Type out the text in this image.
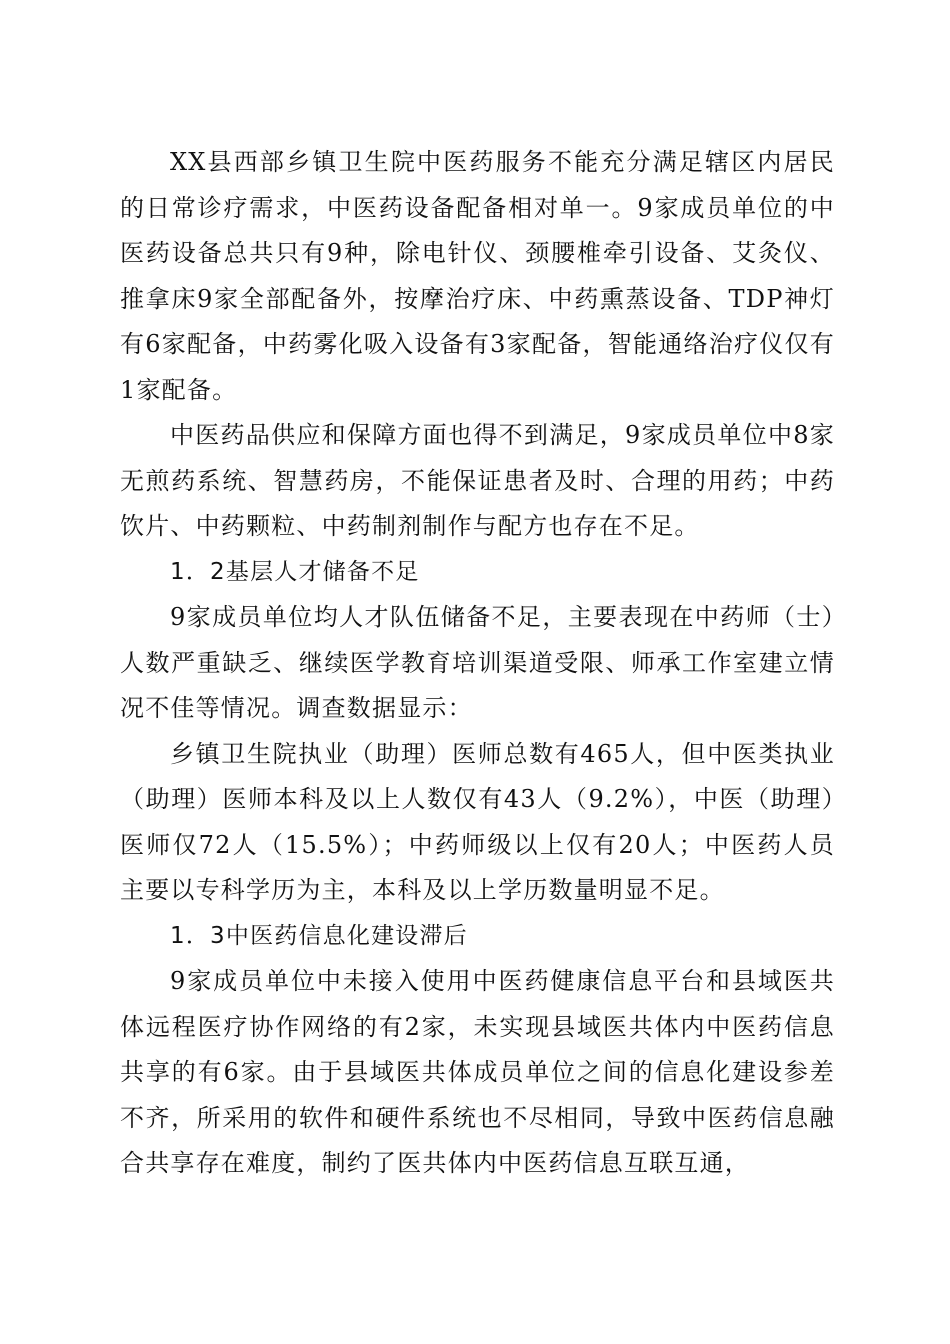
XX县西部乡镇卫生院中医药服务不能充分满足辖区内居民的日常诊疗需求，中医药设备配备相对单一。9家成员单位的中医药设备总共只有9种，除电针仪、颈腰椎牵引设备、艾灸仪、推拿床9家全部配备外，按摩治疗床、中药熏蒸设备、TDP神灯有6家配备，中药雾化吸入设备有3家配备，智能通络治疗仪仅有1家配备。

中医药品供应和保障方面也得不到满足，9家成员单位中8家无煎药系统、智慧药房，不能保证患者及时、合理的用药；中药饮片、中药颗粒、中药制剂制作与配方也存在不足。

1．2基层人才储备不足

9家成员单位均人才队伍储备不足，主要表现在中药师（士）人数严重缺乏、继续医学教育培训渠道受限、师承工作室建立情况不佳等情况。调查数据显示：

乡镇卫生院执业（助理）医师总数有465人，但中医类执业（助理）医师本科及以上人数仅有43人（9.2%），中医（助理）医师仅72人（15.5%）；中药师级以上仅有20人；中医药人员主要以专科学历为主，本科及以上学历数量明显不足。

1．3中医药信息化建设滞后

9家成员单位中未接入使用中医药健康信息平台和县域医共体远程医疗协作网络的有2家，未实现县域医共体内中医药信息共享的有6家。由于县域医共体成员单位之间的信息化建设参差不齐，所采用的软件和硬件系统也不尽相同，导致中医药信息融合共享存在难度，制约了医共体内中医药信息互联互通，
